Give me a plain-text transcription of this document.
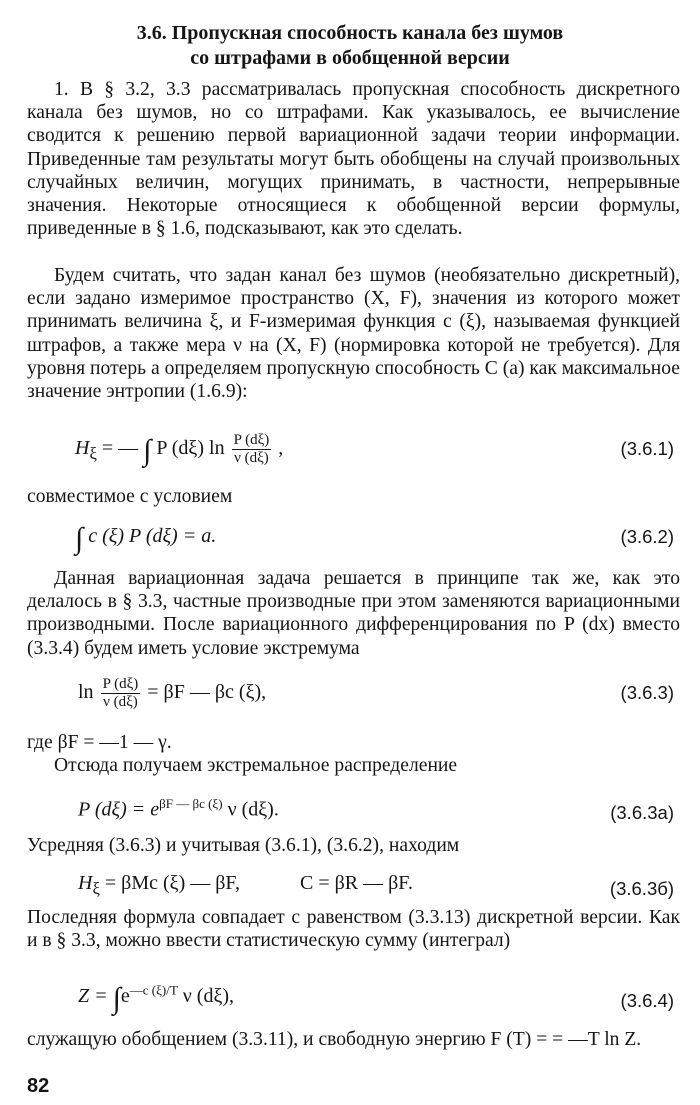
3.6. Пропускная способность канала без шумов
со штрафами в обобщенной версии

1. В § 3.2, 3.3 рассматривалась пропускная способность дискретного канала без шумов, но со штрафами. Как указывалось, ее вычисление сводится к решению первой вариационной задачи теории информации. Приведенные там результаты могут быть обобщены на случай произвольных случайных величин, могущих принимать, в частности, непрерывные значения. Некоторые относящиеся к обобщенной версии формулы, приведенные в § 1.6, подсказывают, как это сделать.

Будем считать, что задан канал без шумов (необязательно дискретный), если задано измеримое пространство (X, F), значения из которого может принимать величина ξ, и F-измеримая функция c (ξ), называемая функцией штрафов, а также мера ν на (X, F) (нормировка которой не требуется). Для уровня потерь a определяем пропускную способность C (a) как максимальное значение энтропии (1.6.9):

$H_\xi$ = — ∫ P (dξ) $\ln \frac{P (d\xi)}{\nu (d\xi)}$ ,	(3.6.1)
совместимое с условием
∫ c (ξ) P (dξ) = a.	(3.6.2)

Данная вариационная задача решается в принципе так же, как это делалось в § 3.3, частные производные при этом заменяются вариационными производными. После вариационного дифференцирования по P (dx) вместо (3.3.4) будем иметь условие экстремума

$\ln \frac{P (d\xi)}{\nu (d\xi)} = \beta F$ — βc (ξ),	(3.6.3)
где βF = —1 — γ.
Отсюда получаем экстремальное распределение
P $(d\xi) = e^{\beta F — \beta c (\xi)}$ ν (dξ).	(3.6.3а)
Усредняя (3.6.3) и учитывая (3.6.1), (3.6.2), находим
$H_\xi = \beta Mc$ (ξ) — βF,	C = βR — βF.	(3.6.3б)

Последняя формула совпадает с равенством (3.3.13) дискретной версии. Как и в § 3.3, можно ввести статистическую сумму (интеграл)

$Z = \int e^{—c (\xi)/T}$ ν (dξ),	(3.6.4)

служащую обобщением (3.3.11), и свободную энергию F (T) = = —T ln Z.

82
